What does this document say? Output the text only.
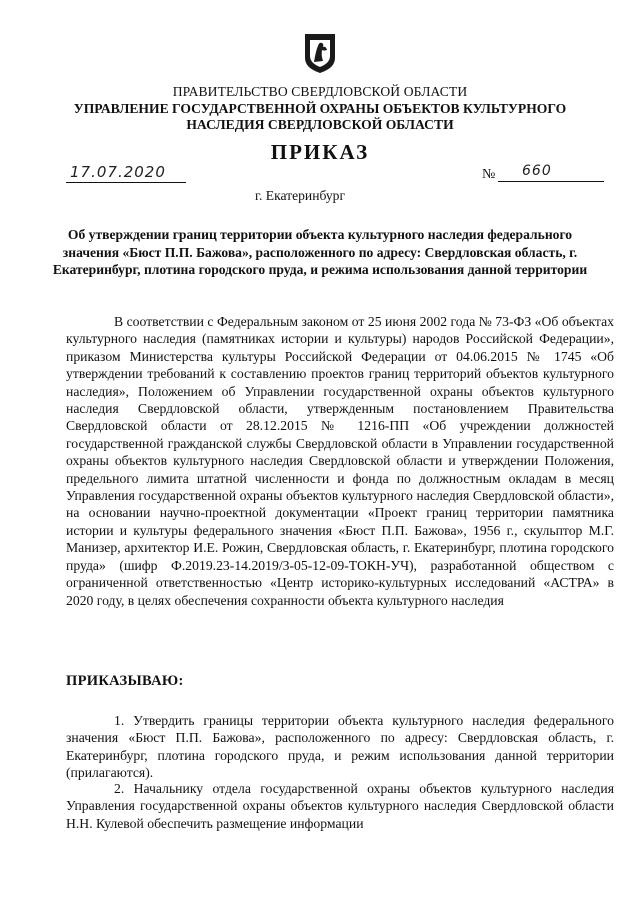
ПРАВИТЕЛЬСТВО СВЕРДЛОВСКОЙ ОБЛАСТИ
УПРАВЛЕНИЕ ГОСУДАРСТВЕННОЙ ОХРАНЫ ОБЪЕКТОВ КУЛЬТУРНОГО НАСЛЕДИЯ СВЕРДЛОВСКОЙ ОБЛАСТИ
ПРИКАЗ
17.07.2020	№ 660
г. Екатеринбург
Об утверждении границ территории объекта культурного наследия федерального значения «Бюст П.П. Бажова», расположенного по адресу: Свердловская область, г. Екатеринбург, плотина городского пруда, и режима использования данной территории
В соответствии с Федеральным законом от 25 июня 2002 года № 73-ФЗ «Об объектах культурного наследия (памятниках истории и культуры) народов Российской Федерации», приказом Министерства культуры Российской Федерации от 04.06.2015 № 1745 «Об утверждении требований к составлению проектов границ территорий объектов культурного наследия», Положением об Управлении государственной охраны объектов культурного наследия Свердловской области, утвержденным постановлением Правительства Свердловской области от 28.12.2015 № 1216-ПП «Об учреждении должностей государственной гражданской службы Свердловской области в Управлении государственной охраны объектов культурного наследия Свердловской области и утверждении Положения, предельного лимита штатной численности и фонда по должностным окладам в месяц Управления государственной охраны объектов культурного наследия Свердловской области», на основании научно-проектной документации «Проект границ территории памятника истории и культуры федерального значения «Бюст П.П. Бажова», 1956 г., скульптор М.Г. Манизер, архитектор И.Е. Рожин, Свердловская область, г. Екатеринбург, плотина городского пруда» (шифр Ф.2019.23-14.2019/3-05-12-09-ТОКН-УЧ), разработанной обществом с ограниченной ответственностью «Центр историко-культурных исследований «АСТРА» в 2020 году, в целях обеспечения сохранности объекта культурного наследия
ПРИКАЗЫВАЮ:
1. Утвердить границы территории объекта культурного наследия федерального значения «Бюст П.П. Бажова», расположенного по адресу: Свердловская область, г. Екатеринбург, плотина городского пруда, и режим использования данной территории (прилагаются).
2. Начальнику отдела государственной охраны объектов культурного наследия Управления государственной охраны объектов культурного наследия Свердловской области Н.Н. Кулевой обеспечить размещение информации
